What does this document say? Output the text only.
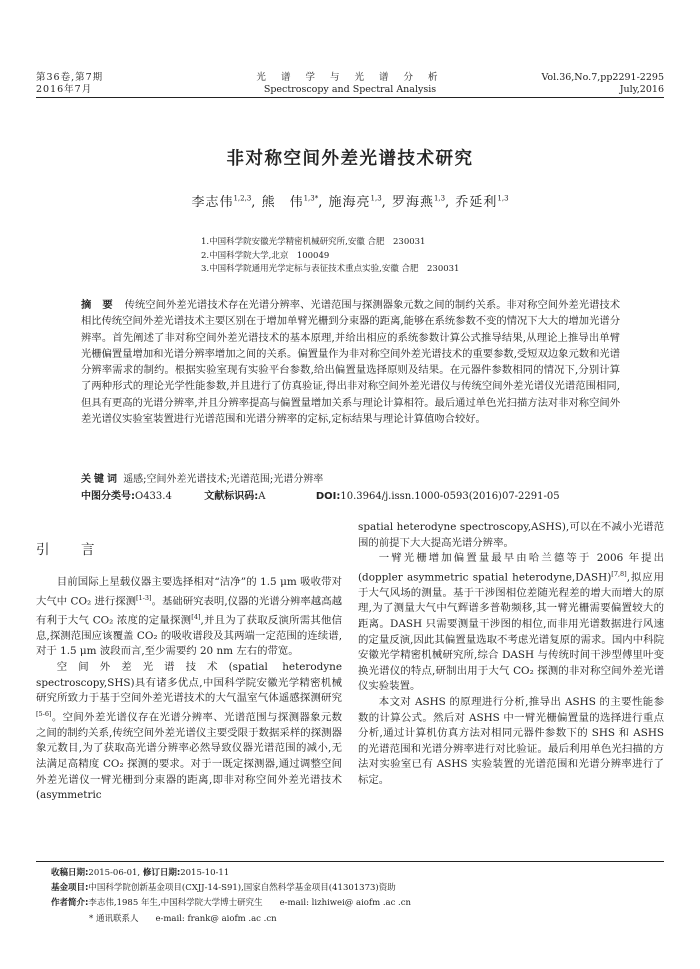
第36卷,第7期
2016年7月
光 谱 学 与 光 谱 分 析
Spectroscopy and Spectral Analysis
Vol.36,No.7,pp2291-2295
July,2016
非对称空间外差光谱技术研究
李志伟$^{1,2,3}$, 熊　伟$^{1,3*}$, 施海亮$^{1,3}$, 罗海燕$^{1,3}$, 乔延利$^{1,3}$
1.中国科学院安徽光学精密机械研究所,安徽 合肥　230031
2.中国科学院大学,北京　100049
3.中国科学院通用光学定标与表征技术重点实验,安徽 合肥　230031
摘 要 传统空间外差光谱技术存在光谱分辨率、光谱范围与探测器象元数之间的制约关系。非对称空间外差光谱技术相比传统空间外差光谱技术主要区别在于增加单臂光栅到分束器的距离,能够在系统参数不变的情况下大大的增加光谱分辨率。首先阐述了非对称空间外差光谱技术的基本原理,并给出相应的系统参数计算公式推导结果,从理论上推导出单臂光栅偏置量增加和光谱分辨率增加之间的关系。偏置量作为非对称空间外差光谱技术的重要参数,受短双边象元数和光谱分辨率需求的制约。根据实验室现有实验平台参数,给出偏置量选择原则及结果。在元器件参数相同的情况下,分别计算了两种形式的理论光学性能参数,并且进行了仿真验证,得出非对称空间外差光谱仪与传统空间外差光谱仪光谱范围相同,但具有更高的光谱分辨率,并且分辨率提高与偏置量增加关系与理论计算相符。最后通过单色光扫描方法对非对称空间外差光谱仪实验室装置进行光谱范围和光谱分辨率的定标,定标结果与理论计算值吻合较好。
关键词 遥感;空间外差光谱技术;光谱范围;光谱分辨率
中图分类号:O433.4	文献标识码:A	DOI:10.3964/j.issn.1000-0593(2016)07-2291-05
引　言

目前国际上星载仪器主要选择相对“洁净”的 1.5 μm 吸收带对大气中 CO₂ 进行探测[1-3]。基础研究表明,仪器的光谱分辨率越高越有利于大气 CO₂ 浓度的定量探测[4],并且为了获取反演所需其他信息,探测范围应该覆盖 CO₂ 的吸收谱段及其两端一定范围的连续谱,对于 1.5 μm 波段而言,至少需要约 20 nm 左右的带宽。

空间外差光谱技术(spatial heterodyne spectroscopy,SHS)具有诸多优点,中国科学院安徽光学精密机械研究所致力于基于空间外差光谱技术的大气温室气体遥感探测研究[5-6]。空间外差光谱仪存在光谱分辨率、光谱范围与探测器象元数之间的制约关系,传统空间外差光谱仪主要受限于数据采样的探测器象元数目,为了获取高光谱分辨率必然导致仪器光谱范围的减小,无法满足高精度 CO₂ 探测的要求。对于一既定探测器,通过调整空间外差光谱仪一臂光栅到分束器的距离,即非对称空间外差光谱技术(asymmetric

spatial heterodyne spectroscopy,ASHS),可以在不减小光谱范围的前提下大大提高光谱分辨率。

一臂光栅增加偏置量最早由哈兰德等于 2006 年提出(doppler asymmetric spatial heterodyne,DASH)[7,8],拟应用于大气风场的测量。基于干涉图相位差随光程差的增大而增大的原理,为了测量大气中气辉谱多普勒频移,其一臂光栅需要偏置较大的距离。DASH 只需要测量干涉图的相位,而非用光谱数据进行风速的定量反演,因此其偏置量选取不考虑光谱复原的需求。国内中科院安徽光学精密机械研究所,综合 DASH 与传统时间干涉型傅里叶变换光谱仪的特点,研制出用于大气 CO₂ 探测的非对称空间外差光谱仪实验装置。

本文对 ASHS 的原理进行分析,推导出 ASHS 的主要性能参数的计算公式。然后对 ASHS 中一臂光栅偏置量的选择进行重点分析,通过计算机仿真方法对相同元器件参数下的 SHS 和 ASHS 的光谱范围和光谱分辨率进行对比验证。最后利用单色光扫描的方法对实验室已有 ASHS 实验装置的光谱范围和光谱分辨率进行了标定。

收稿日期:2015-06-01, 修订日期:2015-10-11
基金项目:中国科学院创新基金项目(CXJJ-14-S91),国家自然科学基金项目(41301373)资助
作者简介:李志伟,1985 年生,中国科学院大学博士研究生　　e-mail: lizhiwei@ aiofm .ac .cn
* 通讯联系人　　e-mail: frank@ aiofm .ac .cn
